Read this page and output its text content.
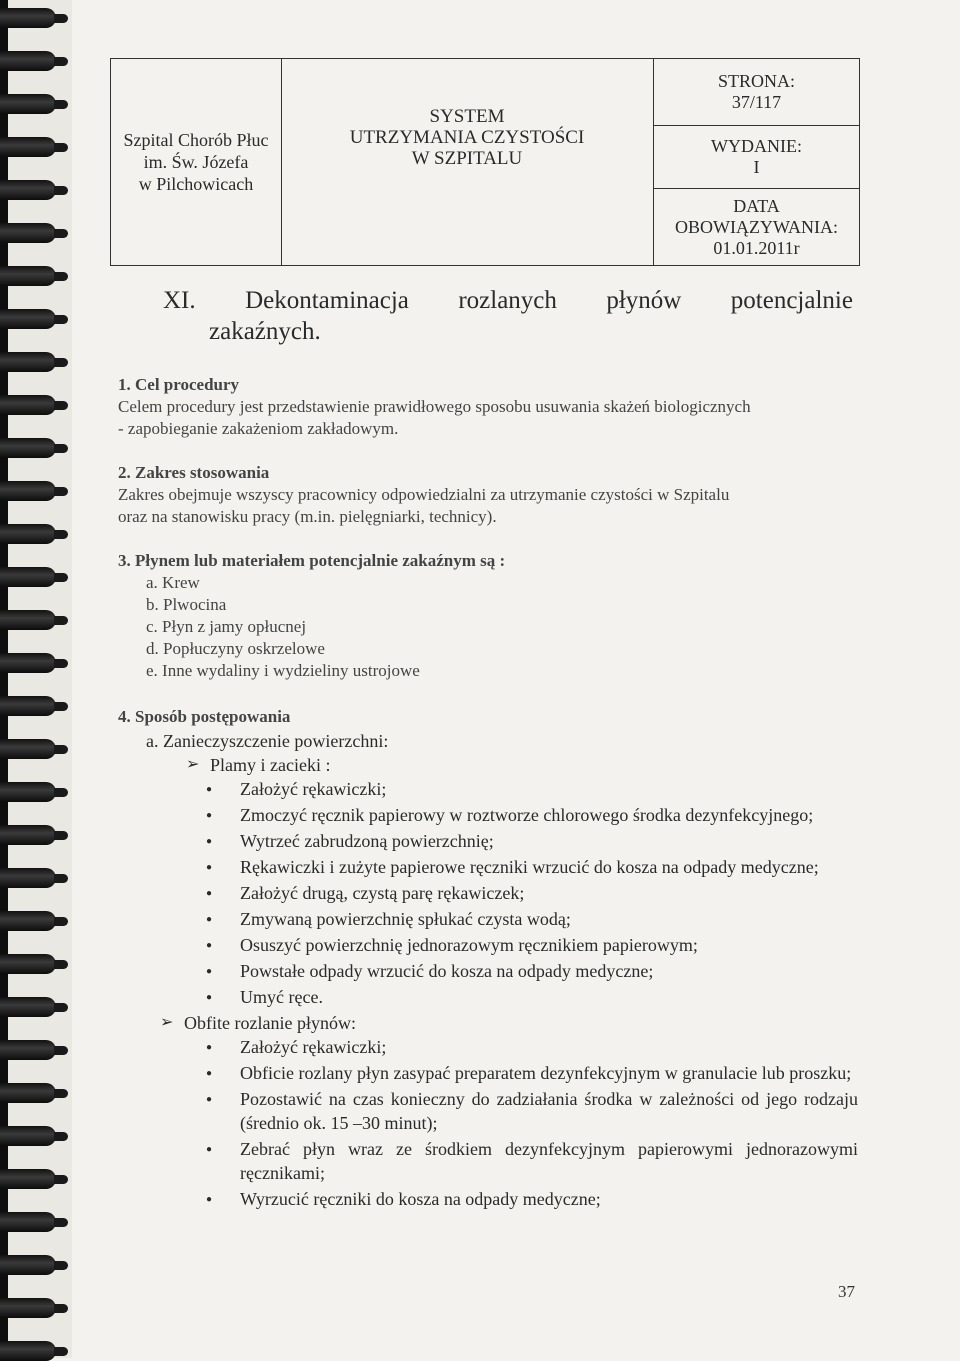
Szpital Chorób Płuc
im. Św. Józefa
w Pilchowicach
SYSTEM
UTRZYMANIA CZYSTOŚCI
W SZPITALU
STRONA:
37/117
WYDANIE:
I
DATA
OBOWIĄZYWANIA:
01.01.2011r
XI. Dekontaminacja rozlanych płynów potencjalnie
zakaźnych.
1. Cel procedury
Celem procedury jest przedstawienie prawidłowego sposobu usuwania skażeń biologicznych
- zapobieganie zakażeniom zakładowym.
2. Zakres stosowania
Zakres obejmuje wszyscy pracownicy odpowiedzialni za utrzymanie czystości w Szpitalu
oraz na stanowisku pracy (m.in. pielęgniarki, technicy).
3. Płynem lub materiałem potencjalnie zakaźnym są :
a. Krew
b. Plwocina
c. Płyn z jamy opłucnej
d. Popłuczyny oskrzelowe
e. Inne wydaliny i wydzieliny ustrojowe
4. Sposób postępowania
a. Zanieczyszczenie powierzchni:
➢ Plamy i zacieki :
● Założyć rękawiczki;
● Zmoczyć ręcznik papierowy w roztworze chlorowego środka dezynfekcyjnego;
● Wytrzeć zabrudzoną powierzchnię;
● Rękawiczki i zużyte papierowe ręczniki wrzucić do kosza na odpady medyczne;
● Założyć drugą, czystą parę rękawiczek;
● Zmywaną powierzchnię spłukać czysta wodą;
● Osuszyć powierzchnię jednorazowym ręcznikiem papierowym;
● Powstałe odpady wrzucić do kosza na odpady medyczne;
● Umyć ręce.
➢ Obfite rozlanie płynów:
● Założyć rękawiczki;
● Obficie rozlany płyn zasypać preparatem dezynfekcyjnym w granulacie lub proszku;
● Pozostawić na czas konieczny do zadziałania środka w zależności od jego rodzaju (średnio ok. 15 –30 minut);
● Zebrać płyn wraz ze środkiem dezynfekcyjnym papierowymi jednorazowymi ręcznikami;
● Wyrzucić ręczniki do kosza na odpady medyczne;
37
